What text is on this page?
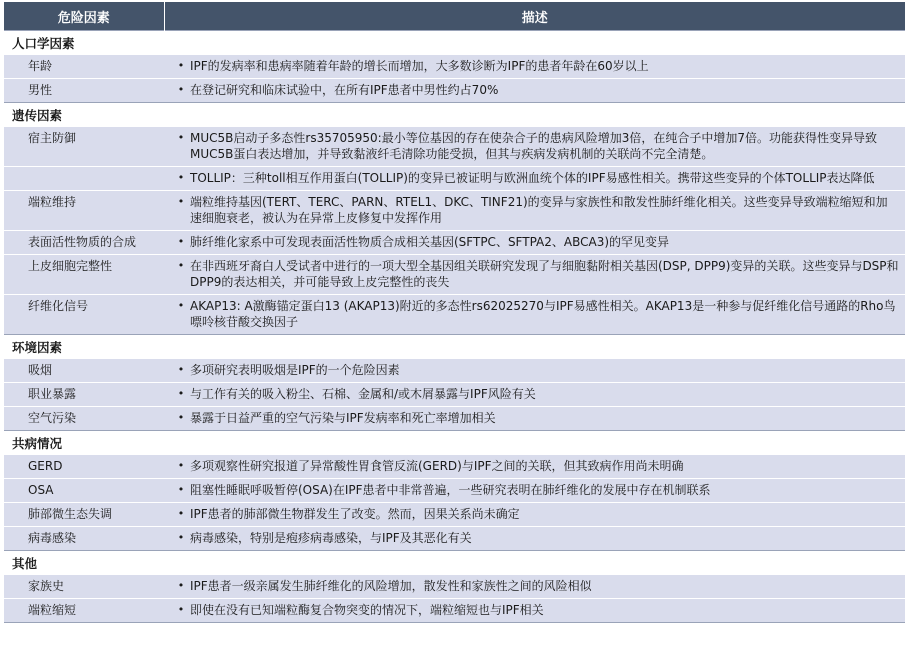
危险因素	描述
人口学因素	
年龄	• IPF的发病率和患病率随着年龄的增长而增加，大多数诊断为IPF的患者年龄在60岁以上

男性	• 在登记研究和临床试验中，在所有IPF患者中男性约占70%

遗传因素	
宿主防御	• MUC5B启动子多态性rs35705950:最小等位基因的存在使杂合子的患病风险增加3倍，在纯合子中增加7倍。功能获得性变异导致MUC5B蛋白表达增加，并导致黏液纤毛清除功能受损，但其与疾病发病机制的关联尚不完全清楚。

	• TOLLIP：三种toll相互作用蛋白(TOLLIP)的变异已被证明与欧洲血统个体的IPF易感性相关。携带这些变异的个体TOLLIP表达降低

端粒维持	• 端粒维持基因(TERT、TERC、PARN、RTEL1、DKC、TINF21)的变异与家族性和散发性肺纤维化相关。这些变异导致端粒缩短和加速细胞衰老，被认为在异常上皮修复中发挥作用

表面活性物质的合成	• 肺纤维化家系中可发现表面活性物质合成相关基因(SFTPC、SFTPA2、ABCA3)的罕见变异

上皮细胞完整性	• 在非西班牙裔白人受试者中进行的一项大型全基因组关联研究发现了与细胞黏附相关基因(DSP, DPP9)变异的关联。这些变异与DSP和DPP9的表达相关，并可能导致上皮完整性的丧失

纤维化信号	• AKAP13: A激酶锚定蛋白13 (AKAP13)附近的多态性rs62025270与IPF易感性相关。AKAP13是一种参与促纤维化信号通路的Rho鸟嘌呤核苷酸交换因子

环境因素	
吸烟	• 多项研究表明吸烟是IPF的一个危险因素

职业暴露	• 与工作有关的吸入粉尘、石棉、金属和/或木屑暴露与IPF风险有关

空气污染	• 暴露于日益严重的空气污染与IPF发病率和死亡率增加相关

共病情况	
GERD	• 多项观察性研究报道了异常酸性胃食管反流(GERD)与IPF之间的关联，但其致病作用尚未明确

OSA	• 阻塞性睡眠呼吸暂停(OSA)在IPF患者中非常普遍，一些研究表明在肺纤维化的发展中存在机制联系

肺部微生态失调	• IPF患者的肺部微生物群发生了改变。然而，因果关系尚未确定

病毒感染	• 病毒感染，特别是疱疹病毒感染，与IPF及其恶化有关

其他	
家族史	• IPF患者一级亲属发生肺纤维化的风险增加，散发性和家族性之间的风险相似

端粒缩短	• 即使在没有已知端粒酶复合物突变的情况下，端粒缩短也与IPF相关
